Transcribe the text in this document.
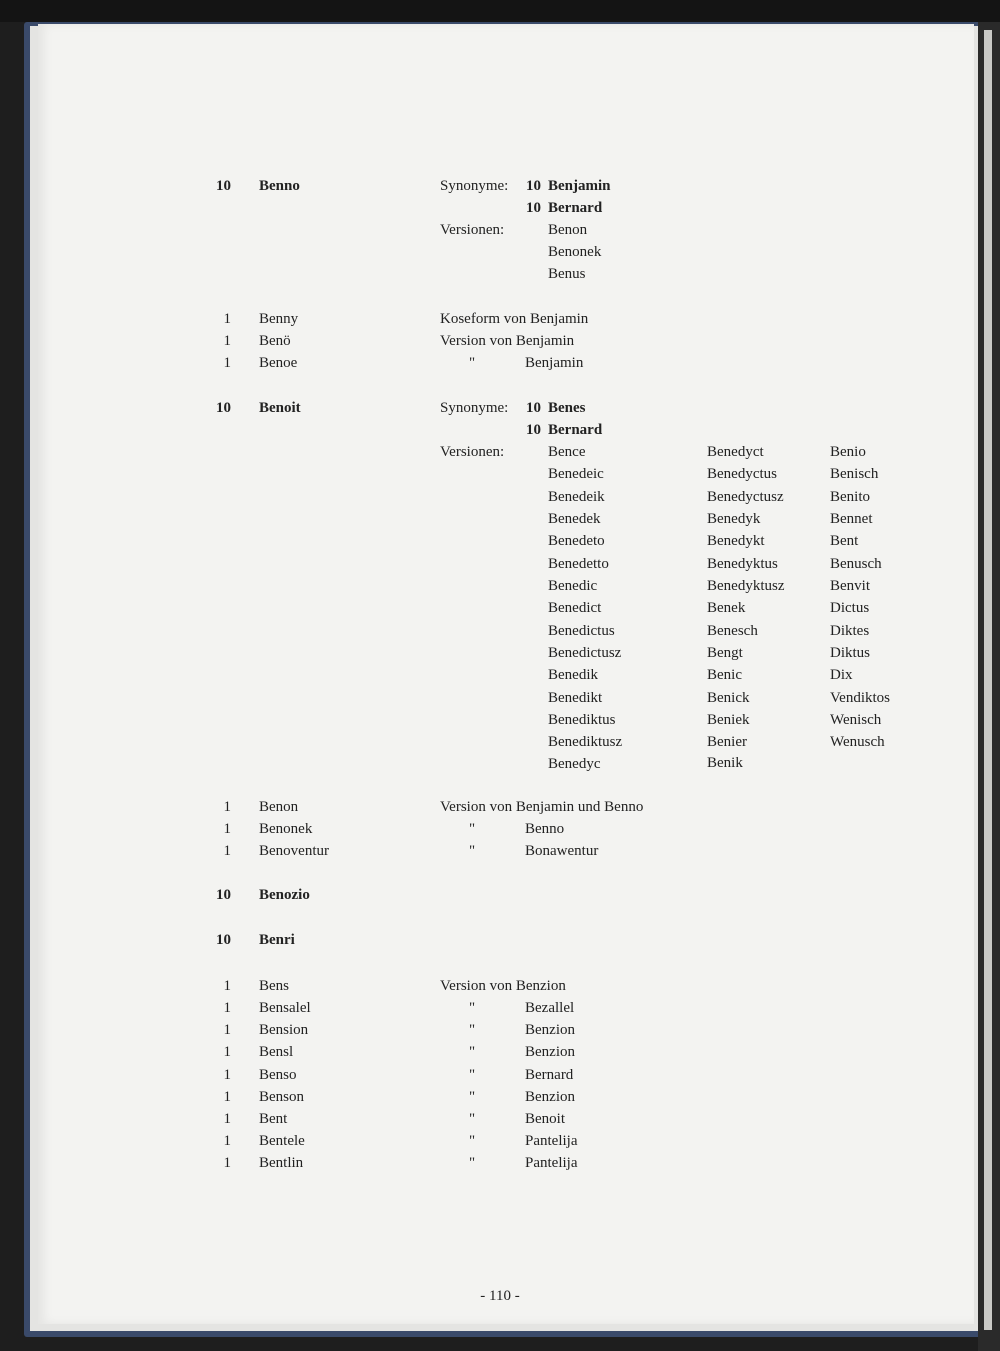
10 Benno	Synonyme:	10 Benjamin
10 Bernard
Versionen:	Benon
Benonek
Benus
1 Benny	Koseform von Benjamin
1 Benö	Version von Benjamin
1 Benoe	"	Benjamin
10 Benoit	Synonyme:	10 Benes
10 Bernard
Versionen:	Bence	Benedyct	Benio
Benedeic	Benedyctus	Benisch
Benedeik	Benedyctusz	Benito
Benedek	Benedyk	Bennet
Benedeto	Benedykt	Bent
Benedetto	Benedyktus	Benusch
Benedic	Benedyktusz	Benvit
Benedict	Benek	Dictus
Benedictus	Benesch	Diktes
Benedictusz	Bengt	Diktus
Benedik	Benic	Dix
Benedikt	Benick	Vendiktos
Benediktus	Beniek	Wenisch
Benediktusz	Benier	Wenusch
Benedyc	Benik
1 Benon	Version von Benjamin und Benno
1 Benonek	"	Benno
1 Benoventur	"	Bonawentur
10 Benozio
10 Benri
1 Bens	Version von Benzion
1 Bensalel	"	Bezallel
1 Bension	"	Benzion
1 Bensl	"	Benzion
1 Benso	"	Bernard
1 Benson	"	Benzion
1 Bent	"	Benoit
1 Bentele	"	Pantelija
1 Bentlin	"	Pantelija
- 110 -
